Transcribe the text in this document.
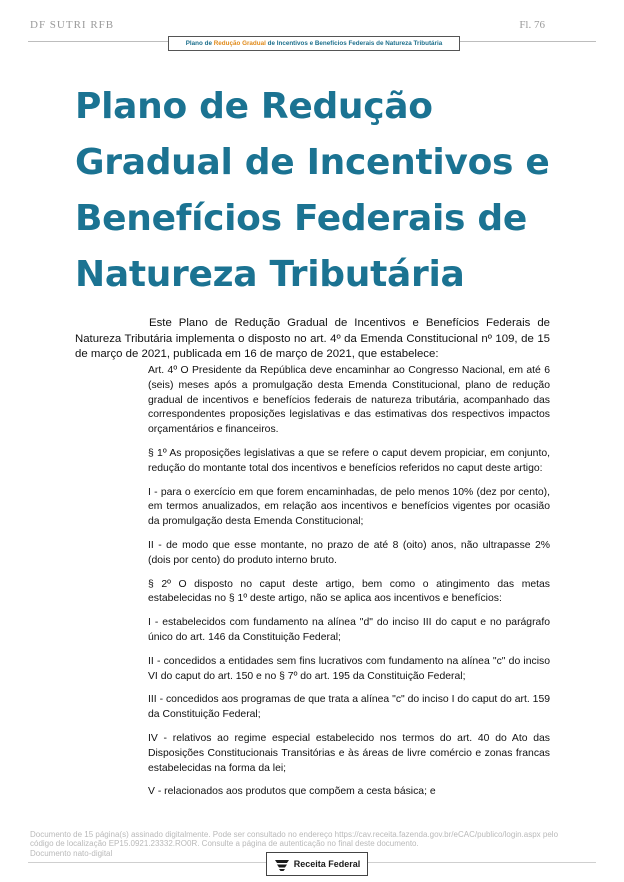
DF SUTRI RFB	Fl. 76
Plano de Redução Gradual de Incentivos e Benefícios Federais de Natureza Tributária
Plano de Redução Gradual de Incentivos e Benefícios Federais de Natureza Tributária
Este Plano de Redução Gradual de Incentivos e Benefícios Federais de Natureza Tributária implementa o disposto no art. 4º da Emenda Constitucional nº 109, de 15 de março de 2021, publicada em 16 de março de 2021, que estabelece:

Art. 4º O Presidente da República deve encaminhar ao Congresso Nacional, em até 6 (seis) meses após a promulgação desta Emenda Constitucional, plano de redução gradual de incentivos e benefícios federais de natureza tributária, acompanhado das correspondentes proposições legislativas e das estimativas dos respectivos impactos orçamentários e financeiros.

§ 1º As proposições legislativas a que se refere o caput devem propiciar, em conjunto, redução do montante total dos incentivos e benefícios referidos no caput deste artigo:

I - para o exercício em que forem encaminhadas, de pelo menos 10% (dez por cento), em termos anualizados, em relação aos incentivos e benefícios vigentes por ocasião da promulgação desta Emenda Constitucional;

II - de modo que esse montante, no prazo de até 8 (oito) anos, não ultrapasse 2% (dois por cento) do produto interno bruto.

§ 2º O disposto no caput deste artigo, bem como o atingimento das metas estabelecidas no § 1º deste artigo, não se aplica aos incentivos e benefícios:

I - estabelecidos com fundamento na alínea "d" do inciso III do caput e no parágrafo único do art. 146 da Constituição Federal;

II - concedidos a entidades sem fins lucrativos com fundamento na alínea "c" do inciso VI do caput do art. 150 e no § 7º do art. 195 da Constituição Federal;

III - concedidos aos programas de que trata a alínea "c" do inciso I do caput do art. 159 da Constituição Federal;

IV - relativos ao regime especial estabelecido nos termos do art. 40 do Ato das Disposições Constitucionais Transitórias e às áreas de livre comércio e zonas francas estabelecidas na forma da lei;

V - relacionados aos produtos que compõem a cesta básica; e

Documento de 15 página(s) assinado digitalmente. Pode ser consultado no endereço https://cav.receita.fazenda.gov.br/eCAC/publico/login.aspx pelo
código de localização EP15.0921.23332.RO0R. Consulte a página de autenticação no final deste documento.
Documento nato-digital
Receita Federal
